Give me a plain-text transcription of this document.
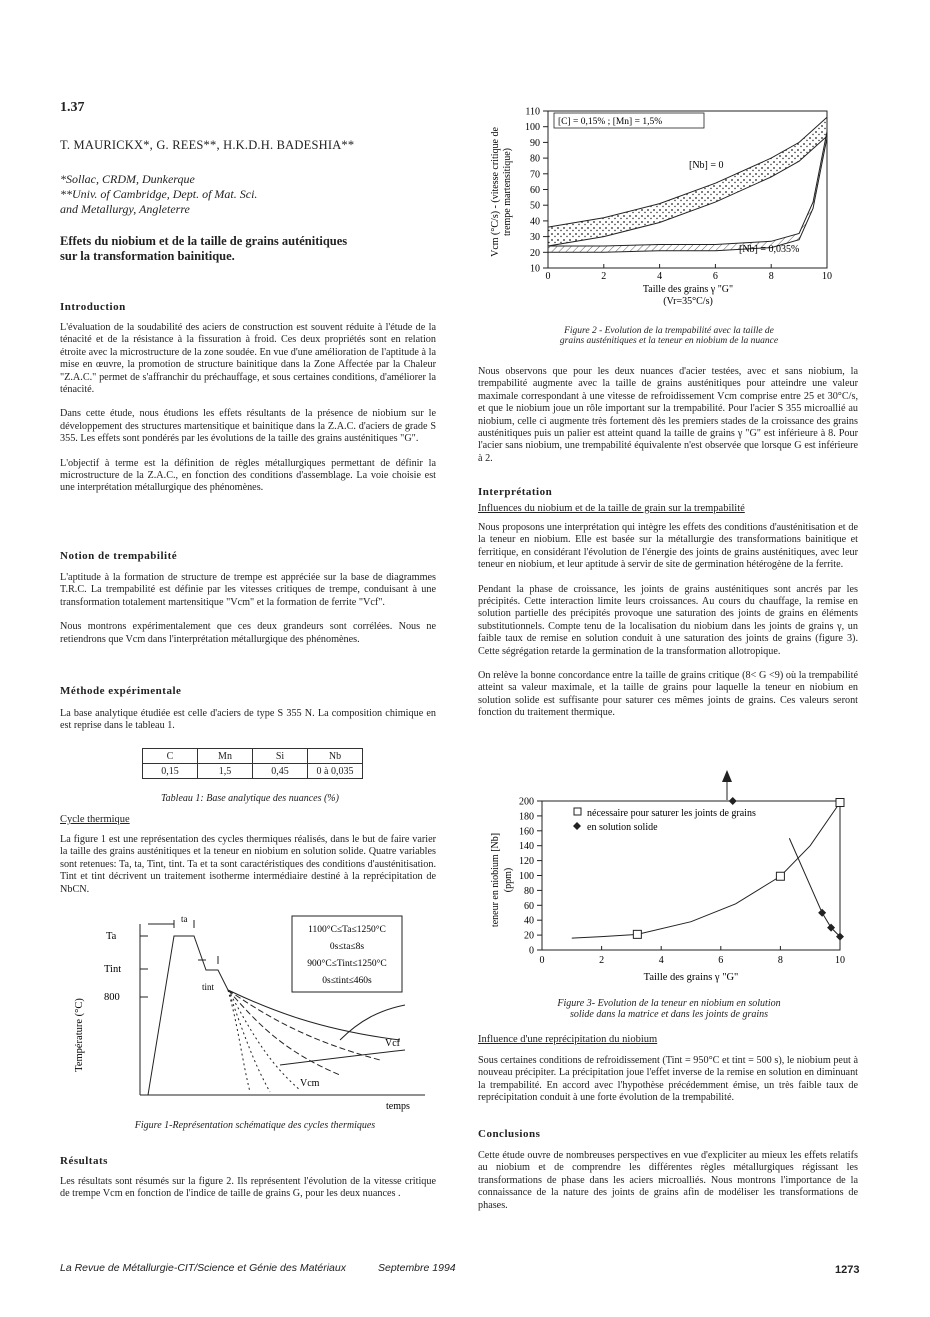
1.37
T. MAURICKX*, G. REES**, H.K.D.H. BADESHIA**
*Sollac, CRDM, Dunkerque
**Univ. of Cambridge, Dept. of Mat. Sci.
and Metallurgy, Angleterre
Effets du niobium et de la taille de grains auténitiques
sur la transformation bainitique.
Introduction

L'évaluation de la soudabilité des aciers de construction est souvent réduite à l'étude de la ténacité et de la résistance à la fissuration à froid. Ces deux propriétés sont en relation étroite avec la microstructure de la zone soudée. En vue d'une amélioration de l'aptitude à la mise en œuvre, la promotion de structure bainitique dans la Zone Affectée par la Chaleur "Z.A.C." permet de s'affranchir du préchauffage, et sous certaines conditions, d'améliorer la ténacité.

Dans cette étude, nous étudions les effets résultants de la présence de niobium sur le développement des structures martensitique et bainitique dans la Z.A.C. d'aciers de grade S 355. Les effets sont pondérés par les évolutions de la taille des grains austénitiques "G".

L'objectif à terme est la définition de règles métallurgiques permettant de définir la microstructure de la Z.A.C., en fonction des conditions d'assemblage. La voie choisie est une interprétation métallurgique des phénomènes.

Notion de trempabilité

L'aptitude à la formation de structure de trempe est appréciée sur la base de diagrammes T.R.C. La trempabilité est définie par les vitesses critiques de trempe, conduisant à une transformation totalement martensitique "Vcm" et la formation de ferrite "Vcf".

Nous montrons expérimentalement que ces deux grandeurs sont corrélées. Nous ne retiendrons que Vcm dans l'interprétation métallurgique des phénomènes.

Méthode expérimentale

La base analytique étudiée est celle d'aciers de type S 355 N. La composition chimique en est reprise dans le tableau 1.

C	Mn	Si	Nb
0,15	1,5	0,45	0 à 0,035
Tableau 1: Base analytique des nuances (%)
Cycle thermique

La figure 1 est une représentation des cycles thermiques réalisés, dans le but de faire varier la taille des grains austénitiques et la teneur en niobium en solution solide. Quatre variables sont retenues: Ta, ta, Tint, tint. Ta et ta sont caractéristiques des conditions d'austénitisation. Tint et tint décrivent un traitement isotherme intermédiaire destiné à la reprécipitation de NbCN.

Température (°C)
Ta
Tint
800
ta
tint
1100°C≤Ta≤1250°C
0s≤ta≤8s
900°C≤Tint≤1250°C
0s≤tint≤460s
Vcf
Vcm
temps
Figure 1-Représentation schématique des cycles thermiques
Résultats

Les résultats sont résumés sur la figure 2. Ils représentent l'évolution de la vitesse critique de trempe Vcm en fonction de l'indice de taille de grains G, pour les deux nuances .

Vcm (°C/s) - (vitesse critique de trempe martensitique)
10
20
30
40
50
60
70
80
90
100
110
0	2	4	6	8	10
[C] = 0,15% ; [Mn] = 1,5%
[Nb] = 0
[Nb] = 0,035%
Taille des grains γ "G"
(Vr=35°C/s)
Figure 2 - Evolution de la trempabilité avec la taille de
grains austénitiques et la teneur en niobium de la nuance

Nous observons que pour les deux nuances d'acier testées, avec et sans niobium, la trempabilité augmente avec la taille de grains austénitiques pour atteindre une valeur maximale correspondant à une vitesse de refroidissement Vcm comprise entre 25 et 30°C/s, et que le niobium joue un rôle important sur la trempabilité. Pour l'acier S 355 microallié au niobium, celle ci augmente très fortement dès les premiers stades de la croissance des grains austénitiques puis un palier est atteint quand la taille de grains γ "G" est inférieure à 8. Pour l'acier sans niobium, une trempabilité équivalente n'est observée que lorsque G est inférieure à 2.

Interprétation
Influences du niobium et de la taille de grain sur la trempabilité

Nous proposons une interprétation qui intègre les effets des conditions d'austénitisation et de la teneur en niobium. Elle est basée sur la métallurgie des transformations bainitique et ferritique, en considérant l'évolution de l'énergie des joints de grains austénitiques, avec leur teneur en niobium, et leur aptitude à servir de site de germination hétérogène de la ferrite.

Pendant la phase de croissance, les joints de grains austénitiques sont ancrés par les précipités. Cette interaction limite leurs croissances. Au cours du chauffage, la remise en solution partielle des précipités provoque une saturation des joints de grains en éléments substitutionnels. Compte tenu de la localisation du niobium dans les joints de grains γ, un faible taux de remise en solution conduit à une saturation des joints de grains (figure 3). Cette ségrégation retarde la germination de la transformation allotropique.

On relève la bonne concordance entre la taille de grains critique (8< G <9) où la trempabilité atteint sa valeur maximale, et la taille de grains pour laquelle la teneur en niobium en solution solide est suffisante pour saturer ces mêmes joints de grains. Ces valeurs seront fonction du traitement thermique.

teneur en niobium [Nb] (ppm)
0
20
40
60
80
100
120
140
160
180
200
0	2	4	6	8	10
nécessaire pour saturer les joints de grains
en solution solide
Taille des grains γ "G"
Figure 3- Evolution de la teneur en niobium en solution
solide dans la matrice et dans les joints de grains
Influence d'une reprécipitation du niobium

Sous certaines conditions de refroidissement (Tint = 950°C et tint = 500 s), le niobium peut à nouveau précipiter. La précipitation joue l'effet inverse de la remise en solution en diminuant la trempabilité. En accord avec l'hypothèse précédemment émise, un très faible taux de reprécipitation conduit à une forte évolution de la trempabilité.

Conclusions

Cette étude ouvre de nombreuses perspectives en vue d'expliciter au mieux les effets relatifs au niobium et de comprendre les différentes règles métallurgiques régissant les transformations de phase dans les aciers microalliés. Nous montrons l'importance de la connaissance de la nature des joints de grains afin de modéliser les transformations de phases.

La Revue de Métallurgie-CIT/Science et Génie des Matériaux	Septembre 1994	1273
